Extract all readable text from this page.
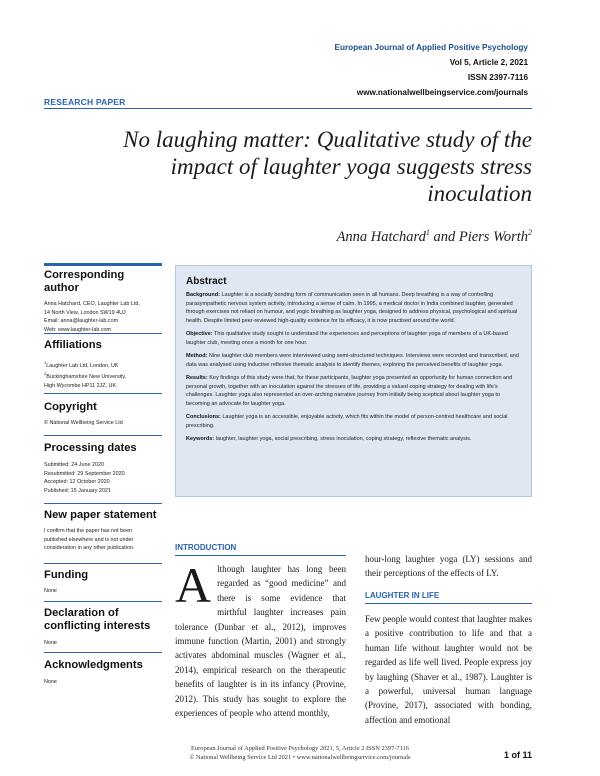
European Journal of Applied Positive Psychology
Vol 5, Article 2, 2021
ISSN 2397-7116
www.nationalwellbeingservice.com/journals
RESEARCH PAPER
No laughing matter: Qualitative study of the impact of laughter yoga suggests stress inoculation
Anna Hatchard$^1$ and Piers Worth$^2$
Corresponding author
Anna Hatchard, CEO, Laughter Lab Ltd,
14 North View, London SW19 4UJ
Email: anna@laughter-lab.com
Web: www.laughter-lab.com
Affiliations
$^1$Laughter Lab Ltd, London, UK
$^2$Buckinghamshire New University,
High Wycombe HP11 2JZ, UK
Copyright
© National Wellbeing Service Ltd
Processing dates
Submitted: 24 June 2020
Resubmitted: 29 September 2020
Accepted: 12 October 2020
Published: 15 January 2021
New paper statement
I confirm that the paper has not been
published elsewhere and is not under
consideration in any other publication.
Funding
None
Declaration of
conflicting interests
None
Acknowledgments
None
Abstract

Background: Laughter is a socially bonding form of communication seen in all humans. Deep breathing is a way of controlling parasympathetic nervous system activity, introducing a sense of calm. In 1995, a medical doctor in India combined laughter, generated through exercises not reliant on humour, and yogic breathing as laughter yoga, designed to address physical, psychological and spiritual health. Despite limited peer-reviewed high-quality evidence for its efficacy, it is now practised around the world.

Objective: This qualitative study sought to understand the experiences and perceptions of laughter yoga of members of a UK-based laughter club, meeting once a month for one hour.

Method: Nine laughter club members were interviewed using semi-structured techniques. Interviews were recorded and transcribed, and data was analysed using inductive reflexive thematic analysis to identify themes, exploring the perceived benefits of laughter yoga.

Results: Key findings of this study were that, for these participants, laughter yoga presented an opportunity for human connection and personal growth, together with an inoculation against the stresses of life, providing a valued coping strategy for dealing with life’s challenges. Laughter yoga also represented an over-arching narrative journey from initially being sceptical about laughter yoga to becoming an advocate for laughter yoga.

Conclusions: Laughter yoga is an accessible, enjoyable activity, which fits within the model of person-centred healthcare and social prescribing.

Keywords: laughter, laughter yoga, social prescribing, stress inoculation, coping strategy, reflexive thematic analysis.

INTRODUCTION
Although laughter has long been regarded as “good medicine” and there is some evidence that mirthful laughter increases pain tolerance (Dunbar et al., 2012), improves immune function (Martin, 2001) and strongly activates abdominal muscles (Wagner et al., 2014), empirical research on the therapeutic benefits of laughter is in its infancy (Provine, 2012). This study has sought to explore the experiences of people who attend monthly,
hour-long laughter yoga (LY) sessions and their perceptions of the effects of LY.
LAUGHTER IN LIFE
Few people would contest that laughter makes a positive contribution to life and that a human life without laughter would not be regarded as life well lived. People express joy by laughing (Shaver et al., 1987). Laughter is a powerful, universal human language (Provine, 2017), associated with bonding, affection and emotional
European Journal of Applied Positive Psychology 2021, 5, Article 2 ISSN 2397-7116
© National Wellbeing Service Ltd 2021 • www.nationalwellbeingservice.com/journals	1 of 11
